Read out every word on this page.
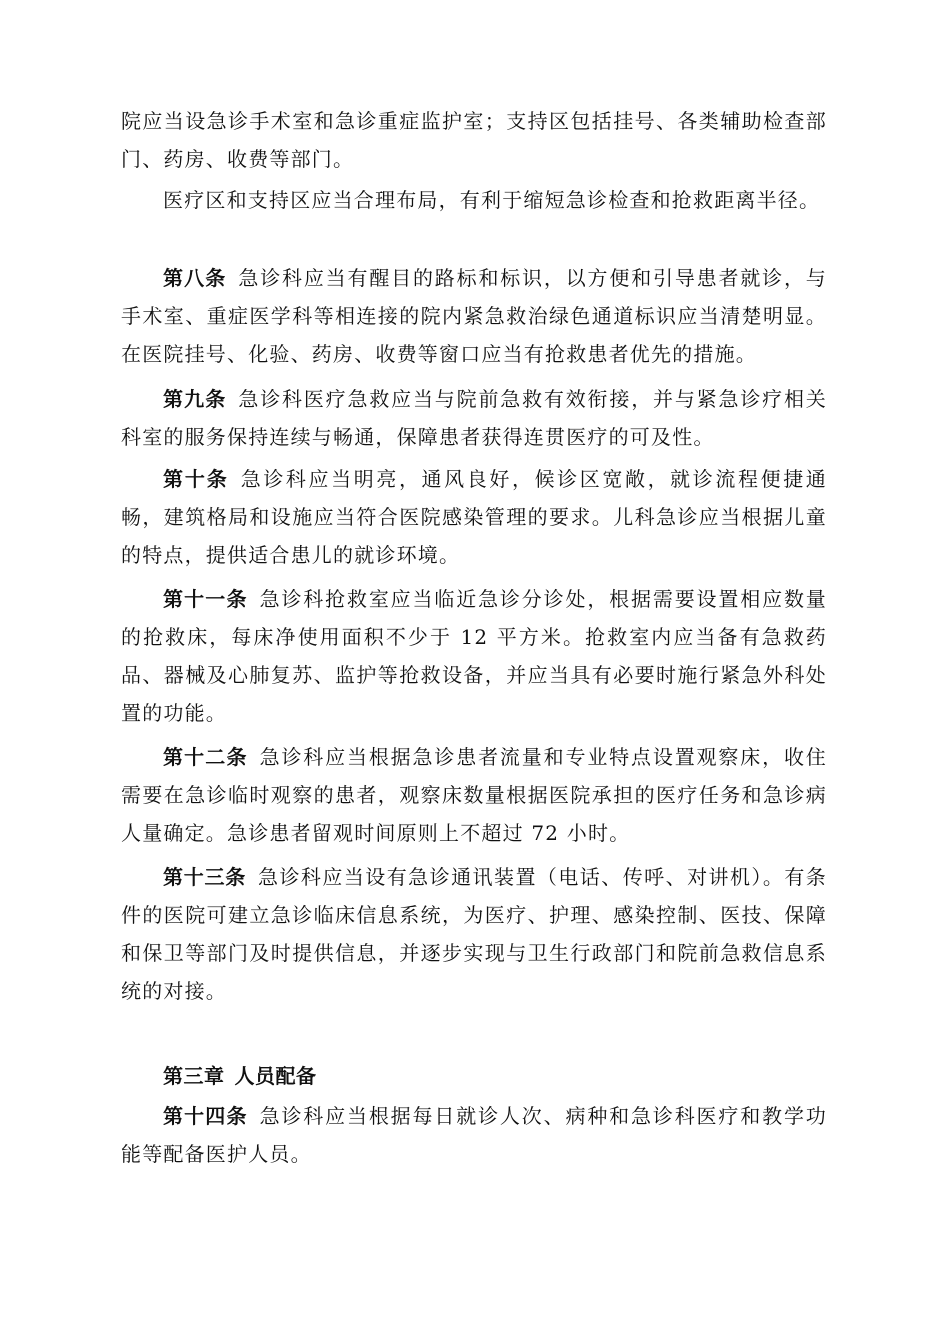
院应当设急诊手术室和急诊重症监护室；支持区包括挂号、各类辅助检查部门、药房、收费等部门。
医疗区和支持区应当合理布局，有利于缩短急诊检查和抢救距离半径。
第八条 急诊科应当有醒目的路标和标识，以方便和引导患者就诊，与手术室、重症医学科等相连接的院内紧急救治绿色通道标识应当清楚明显。在医院挂号、化验、药房、收费等窗口应当有抢救患者优先的措施。
第九条 急诊科医疗急救应当与院前急救有效衔接，并与紧急诊疗相关科室的服务保持连续与畅通，保障患者获得连贯医疗的可及性。
第十条 急诊科应当明亮，通风良好，候诊区宽敞，就诊流程便捷通畅，建筑格局和设施应当符合医院感染管理的要求。儿科急诊应当根据儿童的特点，提供适合患儿的就诊环境。
第十一条 急诊科抢救室应当临近急诊分诊处，根据需要设置相应数量的抢救床，每床净使用面积不少于 12 平方米。抢救室内应当备有急救药品、器械及心肺复苏、监护等抢救设备，并应当具有必要时施行紧急外科处置的功能。
第十二条 急诊科应当根据急诊患者流量和专业特点设置观察床，收住需要在急诊临时观察的患者，观察床数量根据医院承担的医疗任务和急诊病人量确定。急诊患者留观时间原则上不超过 72 小时。
第十三条 急诊科应当设有急诊通讯装置（电话、传呼、对讲机）。有条件的医院可建立急诊临床信息系统，为医疗、护理、感染控制、医技、保障和保卫等部门及时提供信息，并逐步实现与卫生行政部门和院前急救信息系统的对接。
第三章 人员配备
第十四条 急诊科应当根据每日就诊人次、病种和急诊科医疗和教学功能等配备医护人员。
